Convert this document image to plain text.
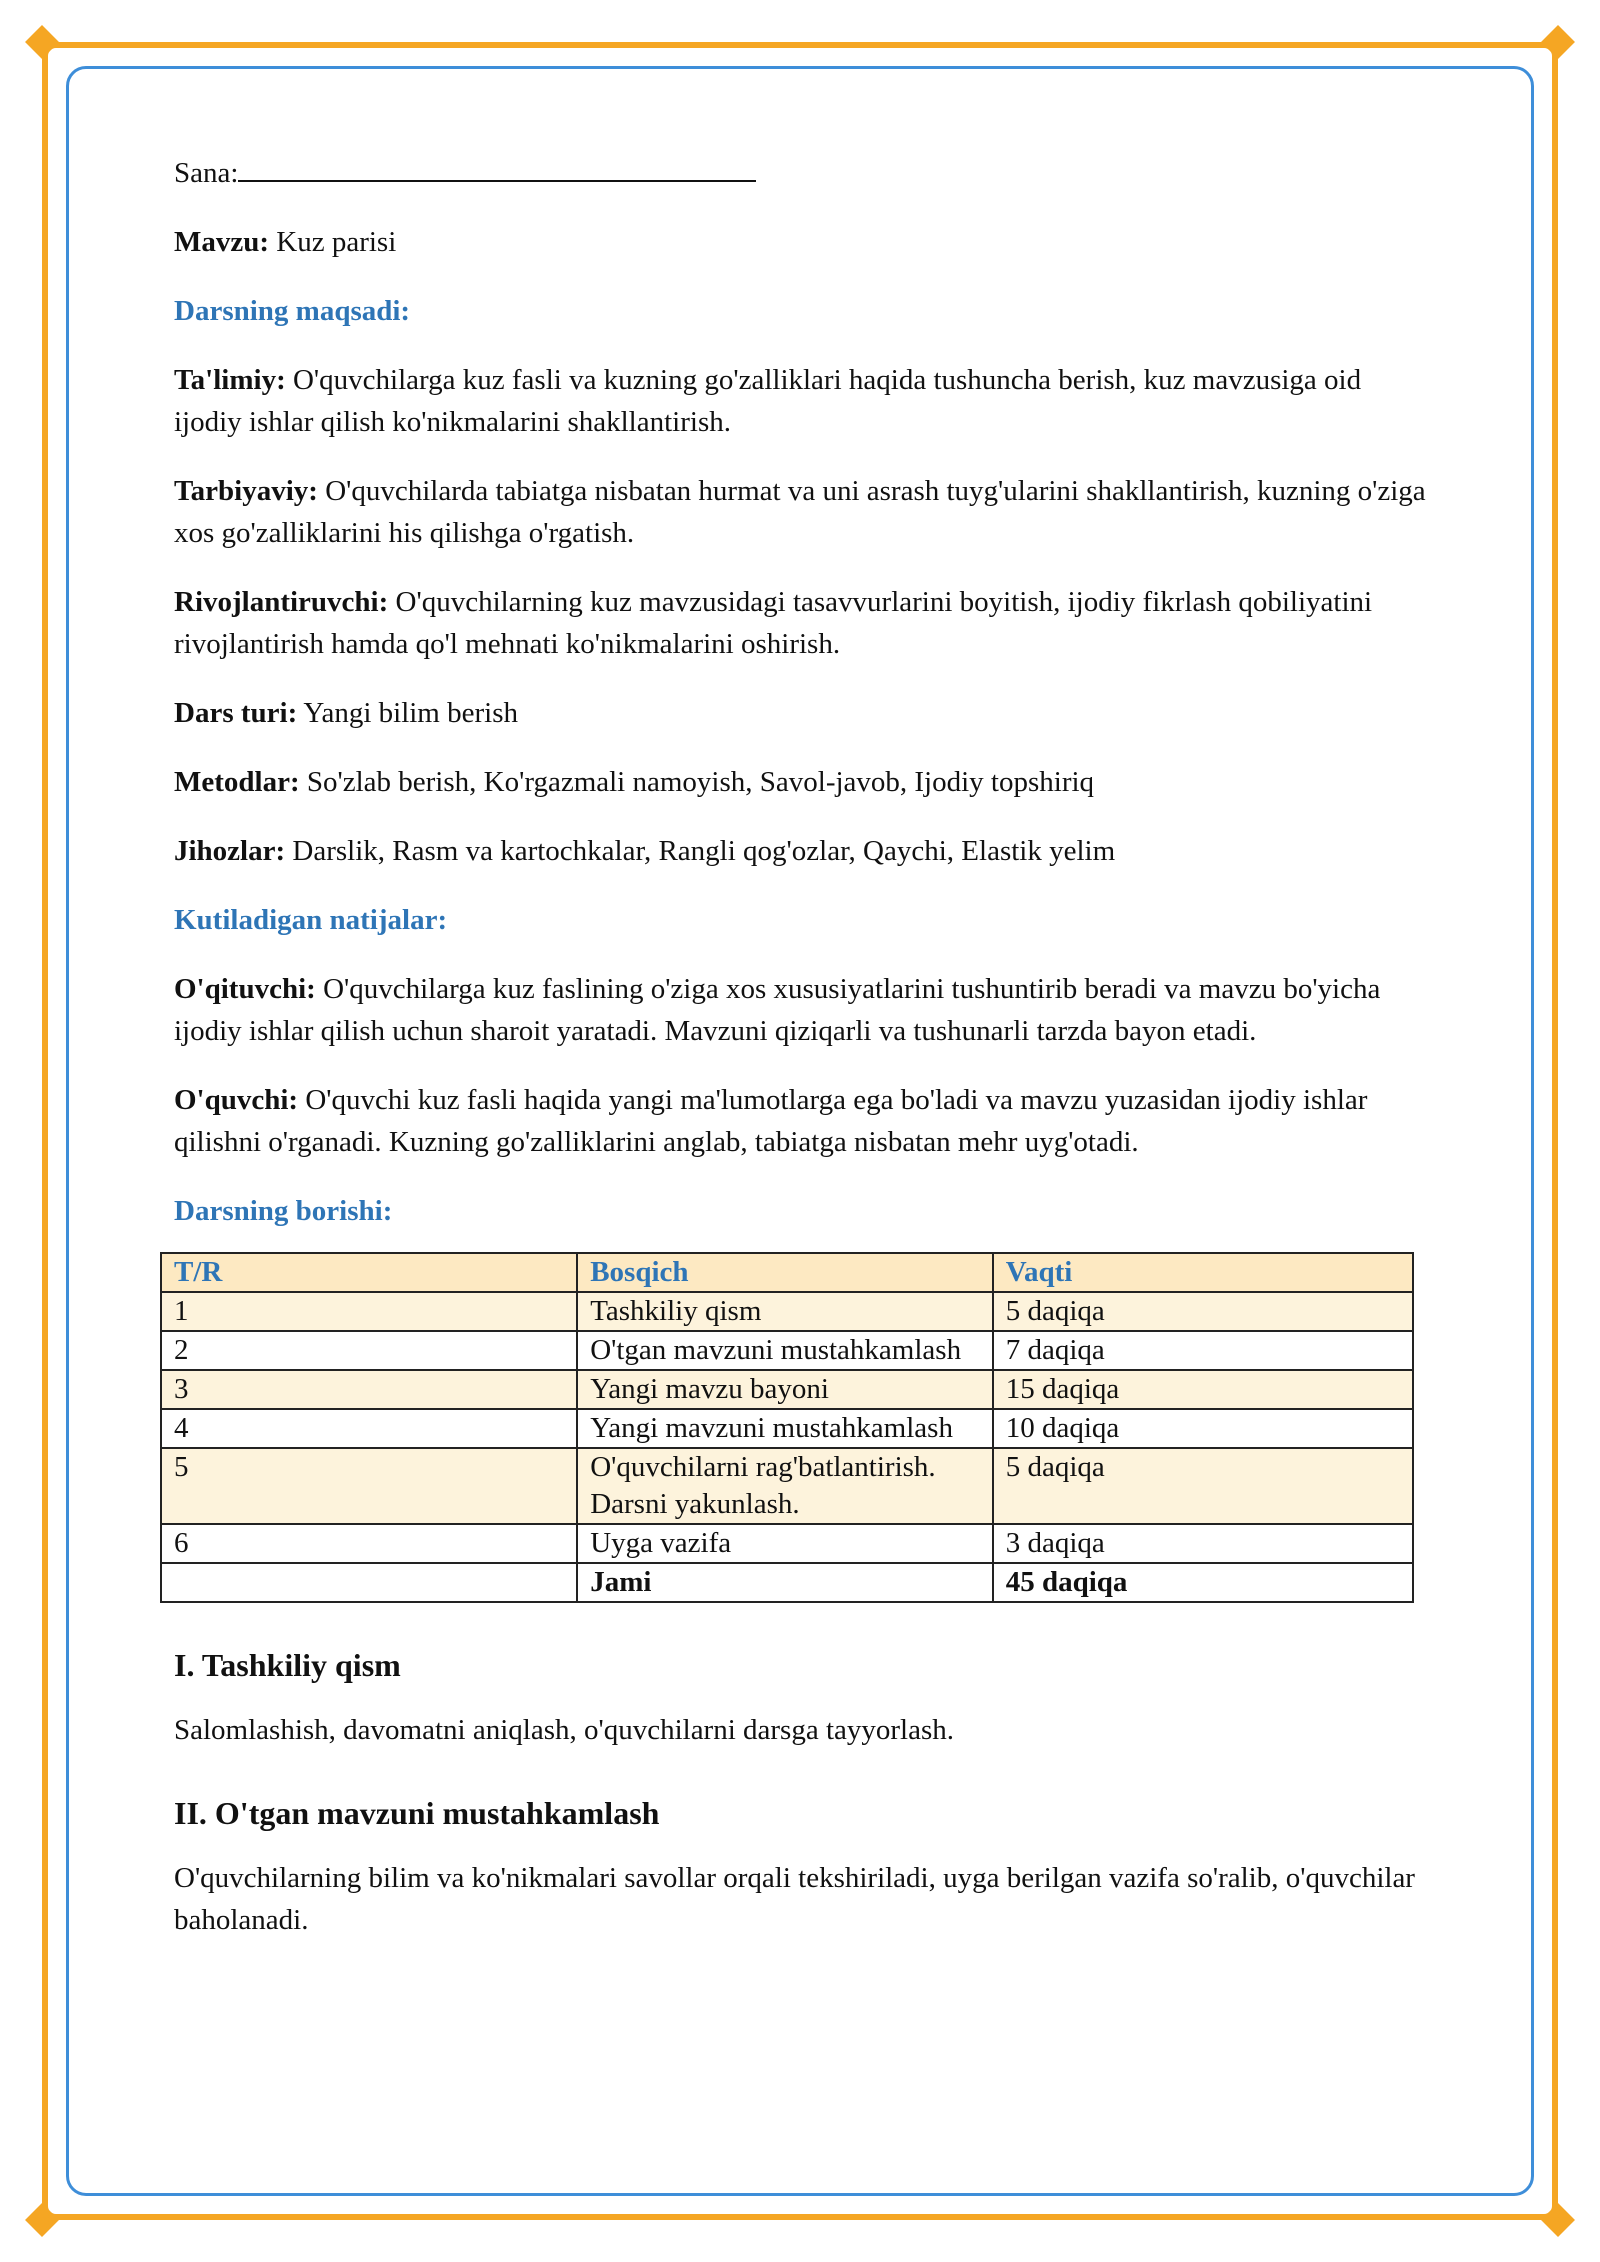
Sana:

Mavzu: Kuz parisi

Darsning maqsadi:

Ta'limiy: O'quvchilarga kuz fasli va kuzning go'zalliklari haqida tushuncha berish, kuz mavzusiga oid ijodiy ishlar qilish ko'nikmalarini shakllantirish.

Tarbiyaviy: O'quvchilarda tabiatga nisbatan hurmat va uni asrash tuyg'ularini shakllantirish, kuzning o'ziga xos go'zalliklarini his qilishga o'rgatish.

Rivojlantiruvchi: O'quvchilarning kuz mavzusidagi tasavvurlarini boyitish, ijodiy fikrlash qobiliyatini rivojlantirish hamda qo'l mehnati ko'nikmalarini oshirish.

Dars turi: Yangi bilim berish

Metodlar: So'zlab berish, Ko'rgazmali namoyish, Savol-javob, Ijodiy topshiriq

Jihozlar: Darslik, Rasm va kartochkalar, Rangli qog'ozlar, Qaychi, Elastik yelim

Kutiladigan natijalar:

O'qituvchi: O'quvchilarga kuz faslining o'ziga xos xususiyatlarini tushuntirib beradi va mavzu bo'yicha ijodiy ishlar qilish uchun sharoit yaratadi. Mavzuni qiziqarli va tushunarli tarzda bayon etadi.

O'quvchi: O'quvchi kuz fasli haqida yangi ma'lumotlarga ega bo'ladi va mavzu yuzasidan ijodiy ishlar qilishni o'rganadi. Kuzning go'zalliklarini anglab, tabiatga nisbatan mehr uyg'otadi.

Darsning borishi:

T/R	Bosqich	Vaqti
1	Tashkiliy qism	5 daqiqa
2	O'tgan mavzuni mustahkamlash	7 daqiqa
3	Yangi mavzu bayoni	15 daqiqa
4	Yangi mavzuni mustahkamlash	10 daqiqa
5	O'quvchilarni rag'batlantirish. Darsni yakunlash.	5 daqiqa
6	Uyga vazifa	3 daqiqa
	Jami	45 daqiqa
I. Tashkiliy qism

Salomlashish, davomatni aniqlash, o'quvchilarni darsga tayyorlash.

II. O'tgan mavzuni mustahkamlash

O'quvchilarning bilim va ko'nikmalari savollar orqali tekshiriladi, uyga berilgan vazifa so'ralib, o'quvchilar baholanadi.
